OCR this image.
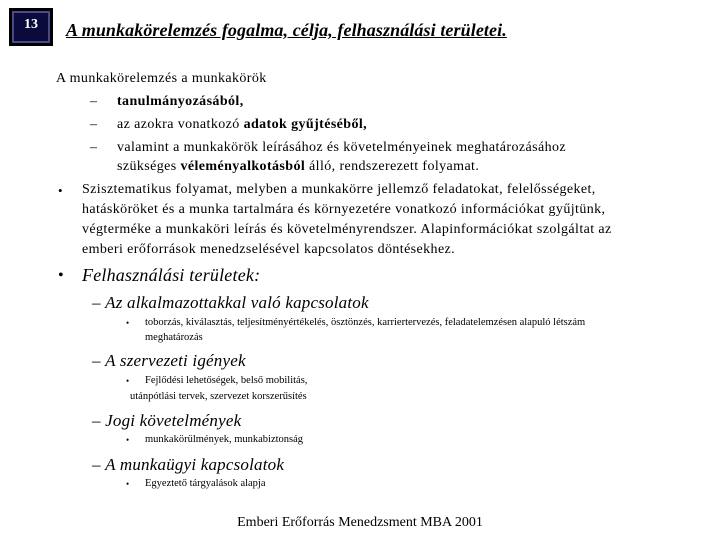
13	A munkakörelemzés fogalma, célja, felhasználási területei.
A munkakörelemzés a munkakörök
– tanulmányozásából,
– az azokra vonatkozó adatok gyűjtéséből,
– valamint a munkakörök leírásához és követelményeinek meghatározásához
szükséges véleményalkotásból álló, rendszerezett folyamat.
• Szisztematikus folyamat, melyben a munkakörre jellemző feladatokat, felelősségeket,
hatásköröket és a munka tartalmára és környezetére vonatkozó információkat gyűjtünk,
végterméke a munkaköri leírás és követelményrendszer. Alapinformációkat szolgáltat az
emberi erőforrások menedzselésével kapcsolatos döntésekhez.
• Felhasználási területek:
– Az alkalmazottakkal való kapcsolatok
• toborzás, kiválasztás, teljesítményértékelés, ösztönzés, karriertervezés, feladatelemzésen alapuló létszám
meghatározás
– A szervezeti igények
• Fejlődési lehetőségek, belső mobilitás,
utánpótlási tervek, szervezet korszerűsítés
– Jogi követelmények
• munkakörülmények, munkabiztonság
– A munkaügyi kapcsolatok
• Egyeztető tárgyalások alapja
Emberi Erőforrás Menedzsment MBA 2001
